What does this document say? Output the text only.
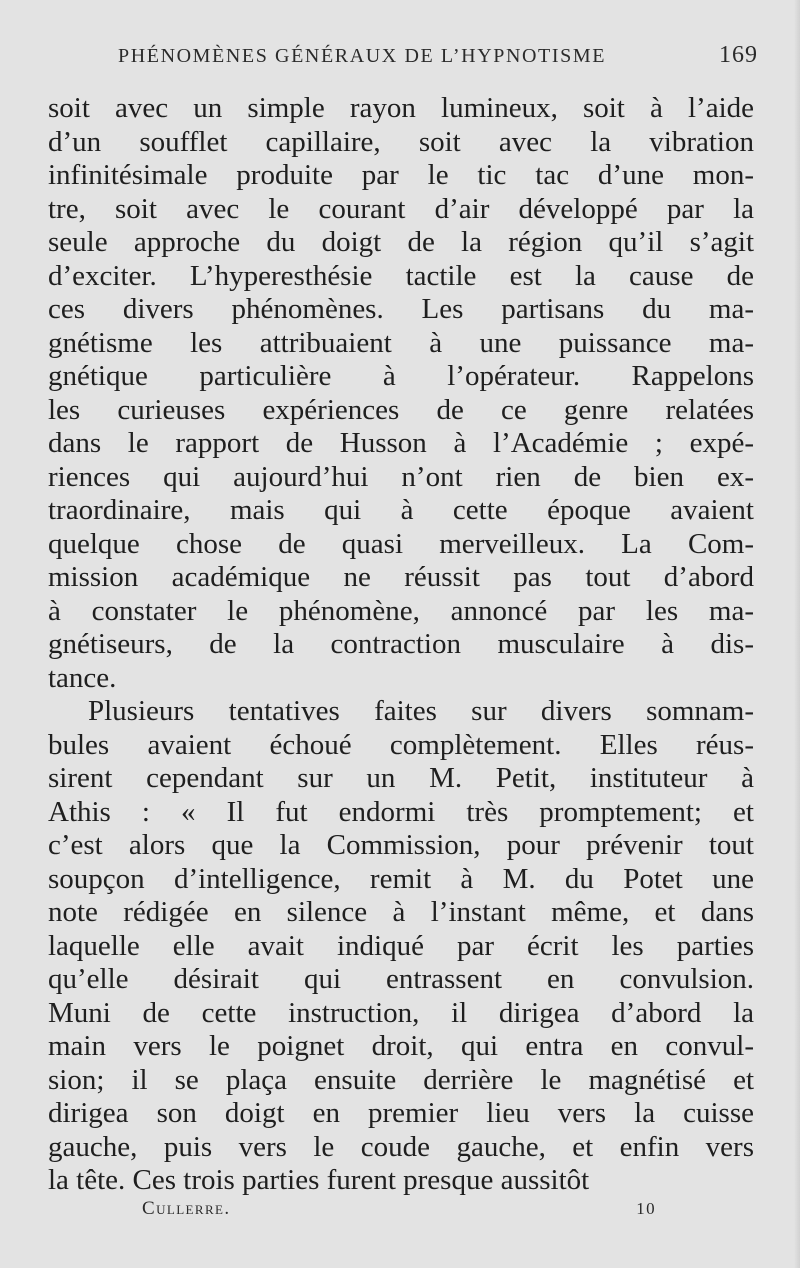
PHÉNOMÈNES GÉNÉRAUX DE L’HYPNOTISME	169
soit avec un simple rayon lumineux, soit à l’aide
d’un soufflet capillaire, soit avec la vibration
infinitésimale produite par le tic tac d’une mon-
tre, soit avec le courant d’air développé par la
seule approche du doigt de la région qu’il s’agit
d’exciter. L’hyperesthésie tactile est la cause de
ces divers phénomènes. Les partisans du ma-
gnétisme les attribuaient à une puissance ma-
gnétique particulière à l’opérateur. Rappelons
les curieuses expériences de ce genre relatées
dans le rapport de Husson à l’Académie ; expé-
riences qui aujourd’hui n’ont rien de bien ex-
traordinaire, mais qui à cette époque avaient
quelque chose de quasi merveilleux. La Com-
mission académique ne réussit pas tout d’abord
à constater le phénomène, annoncé par les ma-
gnétiseurs, de la contraction musculaire à dis-
tance.
Plusieurs tentatives faites sur divers somnam-
bules avaient échoué complètement. Elles réus-
sirent cependant sur un M. Petit, instituteur à
Athis : « Il fut endormi très promptement; et
c’est alors que la Commission, pour prévenir tout
soupçon d’intelligence, remit à M. du Potet une
note rédigée en silence à l’instant même, et dans
laquelle elle avait indiqué par écrit les parties
qu’elle désirait qui entrassent en convulsion.
Muni de cette instruction, il dirigea d’abord la
main vers le poignet droit, qui entra en convul-
sion; il se plaça ensuite derrière le magnétisé et
dirigea son doigt en premier lieu vers la cuisse
gauche, puis vers le coude gauche, et enfin vers
la tête. Ces trois parties furent presque aussitôt
Cullerre.	10
